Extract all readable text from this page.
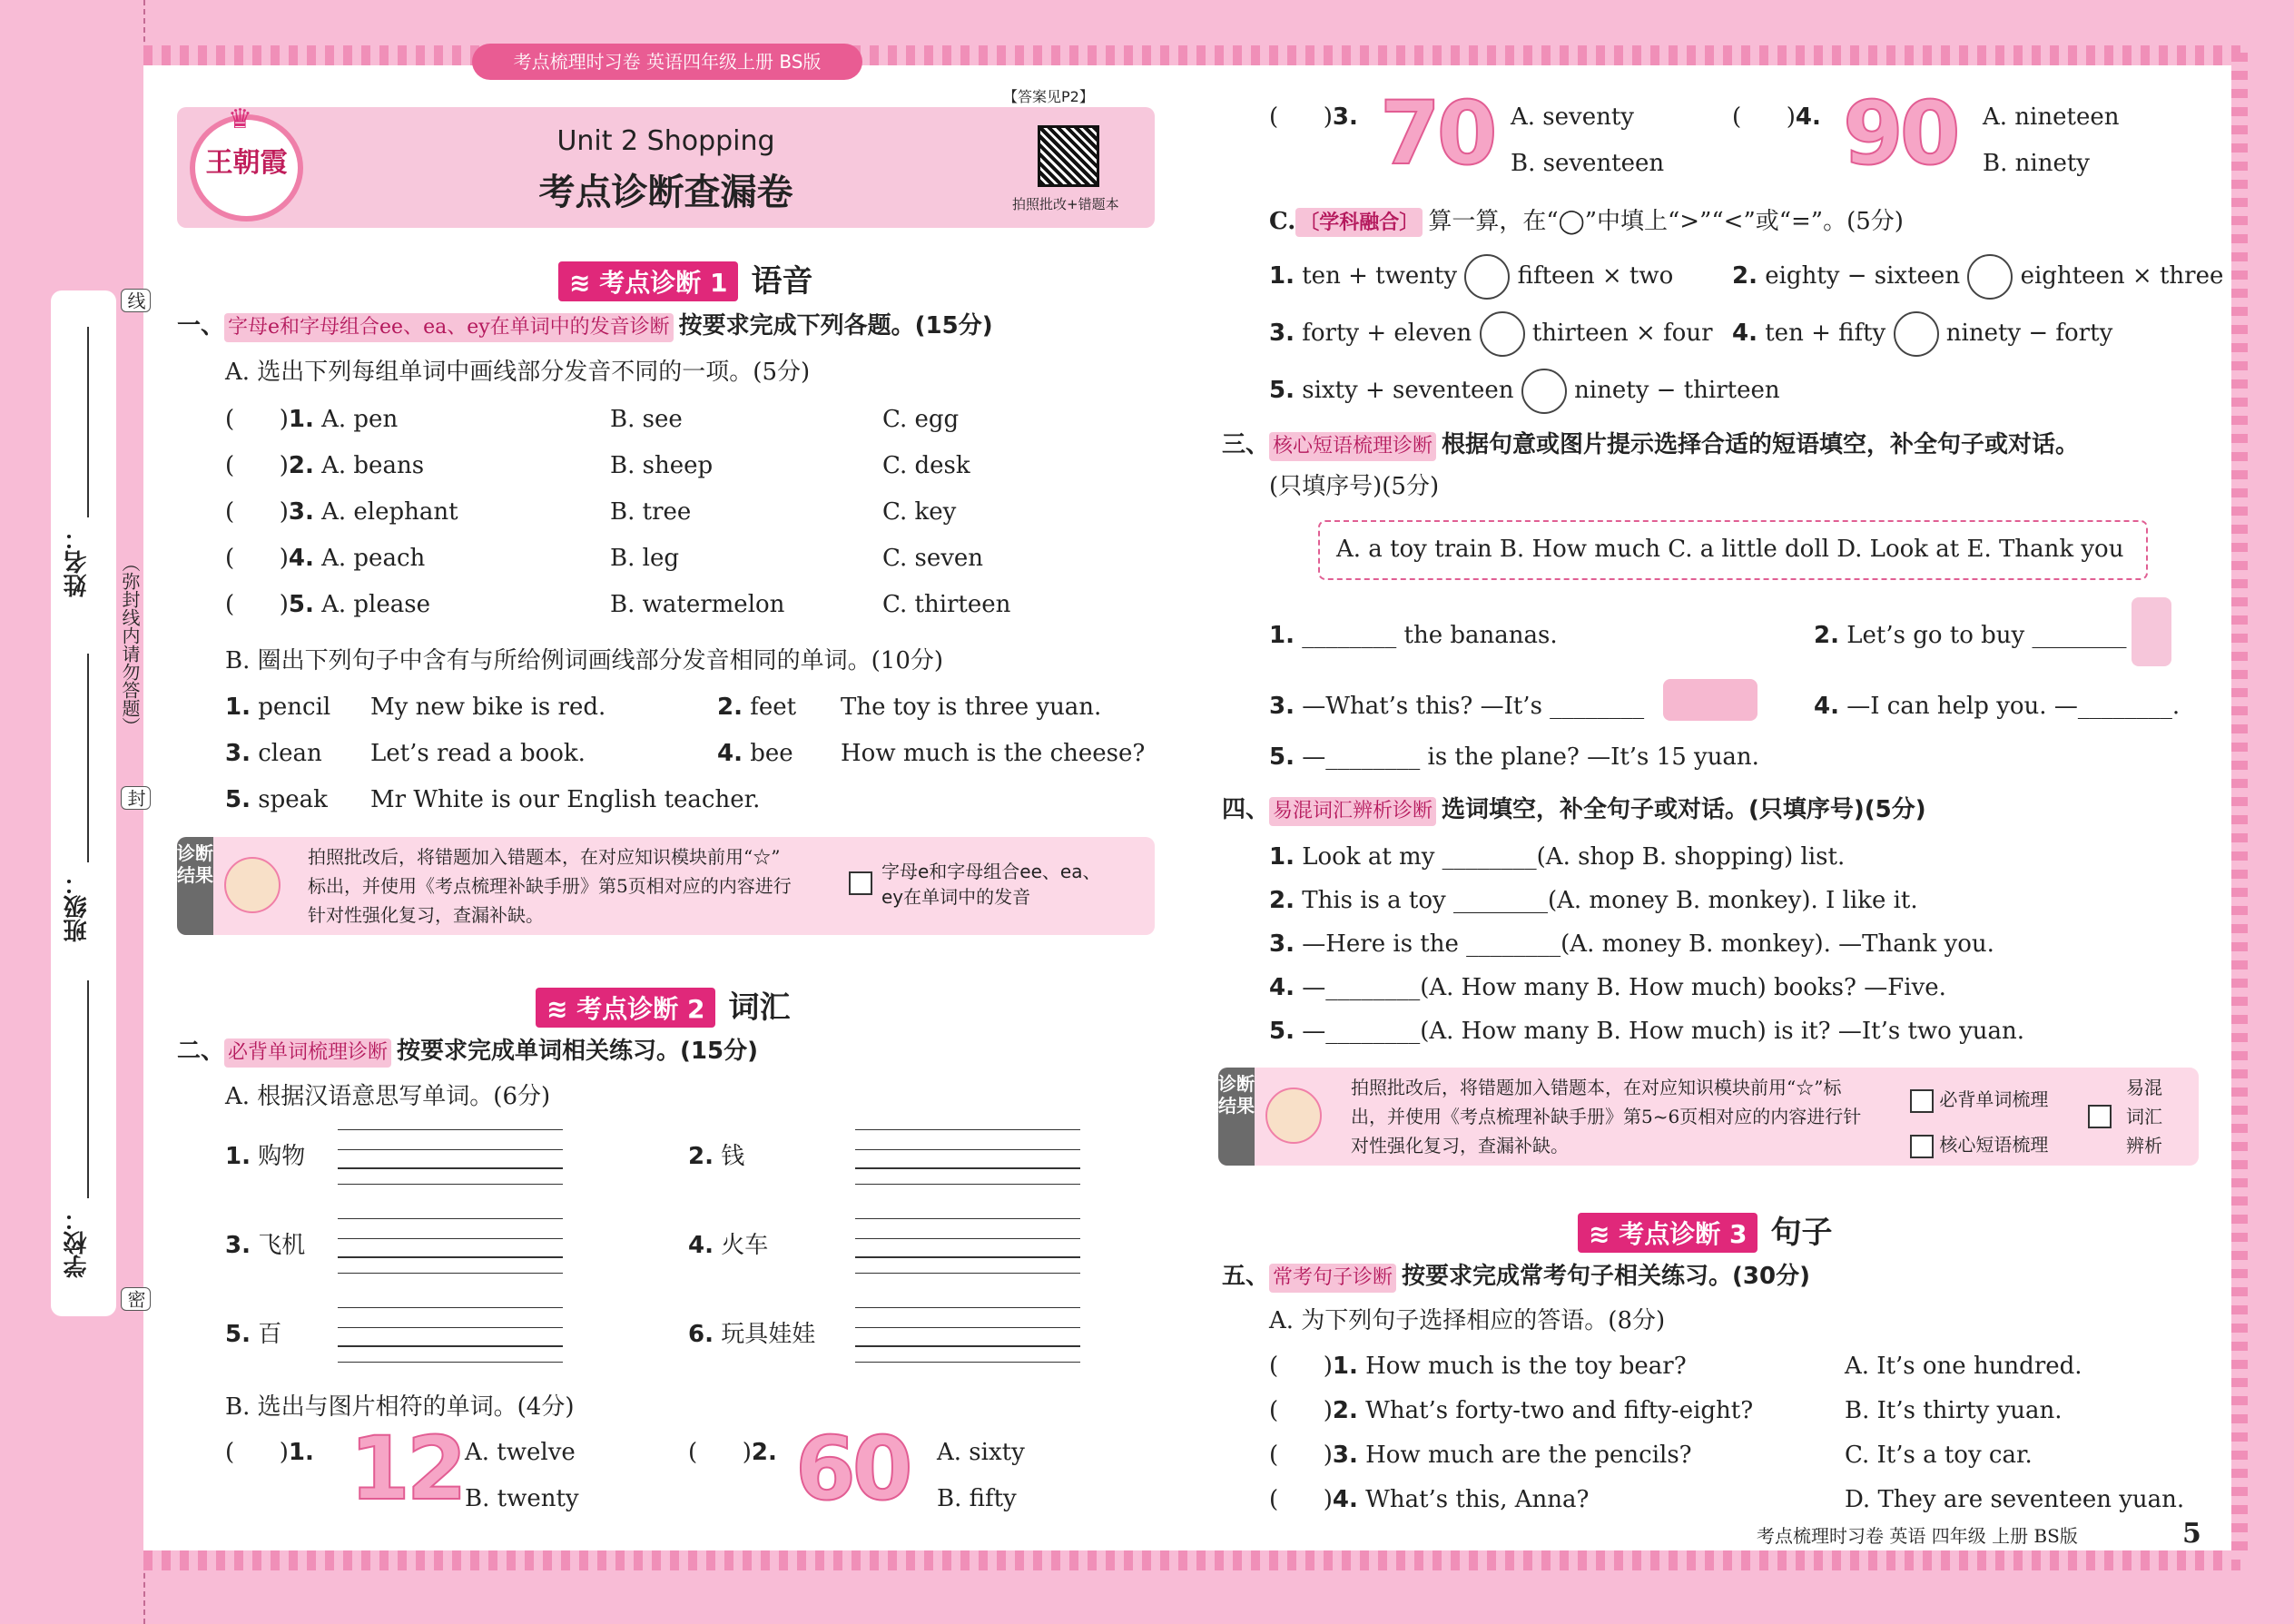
学校：
班级：
姓名：
线
封
密
（弥封线内请勿答题）
考点梳理时习卷 英语四年级上册 BS版
♛
王朝霞
Unit 2 Shopping
考点诊断查漏卷
【答案见P2】
拍照批改+错题本
≋ 考点诊断 1 语音
一、 字母e和字母组合ee、ea、ey在单词中的发音诊断 按要求完成下列各题。(15分)
A. 选出下列每组单词中画线部分发音不同的一项。(5分)
(      )1. A. pen	B. see	C. egg
(      )2. A. beans	B. sheep	C. desk
(      )3. A. elephant	B. tree	C. key
(      )4. A. peach	B. leg	C. seven
(      )5. A. please	B. watermelon	C. thirteen
B. 圈出下列句子中含有与所给例词画线部分发音相同的单词。(10分)
1. pencil My new bike is red.	2. feet The toy is three yuan.
3. clean Let’s read a book.	4. bee How much is the cheese?
5. speak Mr White is our English teacher.
诊断结果
拍照批改后，将错题加入错题本，在对应知识模块前用“☆”
标出，并使用《考点梳理补缺手册》第5页相对应的内容进行
针对性强化复习，查漏补缺。
字母e和字母组合ee、ea、
ey在单词中的发音
≋ 考点诊断 2 词汇
二、 必背单词梳理诊断 按要求完成单词相关练习。(15分)
A. 根据汉语意思写单词。(6分)
1. 购物	2. 钱
3. 飞机	4. 火车
5. 百	6. 玩具娃娃
B. 选出与图片相符的单词。(4分)
(      )1. 12 A. twelve
B. twenty
(      )2. 60 A. sixty
B. fifty
(      )3. 70 A. seventy
B. seventeen
(      )4. 90 A. nineteen
B. ninety
C. 〔学科融合〕 算一算，在“◯”中填上“>”“<”或“=”。(5分)
1. ten + twenty	fifteen × two 2. eighty − sixteen	eighteen × three
3. forty + eleven	thirteen × four 4. ten + fifty	ninety − forty
5. sixty + seventeen	ninety − thirteen
三、 核心短语梳理诊断 根据句意或图片提示选择合适的短语填空，补全句子或对话。
(只填序号)(5分)
A. a toy train B. How much C. a little doll D. Look at E. Thank you
1. ________ the bananas.	2. Let’s go to buy ________
3. —What’s this? —It’s ________	4. —I can help you. —________.
5. —________ is the plane? —It’s 15 yuan.
四、 易混词汇辨析诊断 选词填空，补全句子或对话。(只填序号)(5分)
1. Look at my ________(A. shop B. shopping) list.
2. This is a toy ________(A. money B. monkey). I like it.
3. —Here is the ________(A. money B. monkey). —Thank you.
4. —________(A. How many B. How much) books? —Five.
5. —________(A. How many B. How much) is it? —It’s two yuan.
诊断结果
拍照批改后，将错题加入错题本，在对应知识模块前用“☆”标
出，并使用《考点梳理补缺手册》第5~6页相对应的内容进行针
对性强化复习，查漏补缺。
必背单词梳理
核心短语梳理
易混
词汇
辨析
≋ 考点诊断 3 句子
五、 常考句子诊断 按要求完成常考句子相关练习。(30分)
A. 为下列句子选择相应的答语。(8分)
(      )1. How much is the toy bear?	A. It’s one hundred.
(      )2. What’s forty-two and fifty-eight?	B. It’s thirty yuan.
(      )3. How much are the pencils?	C. It’s a toy car.
(      )4. What’s this, Anna?	D. They are seventeen yuan.
考点梳理时习卷 英语 四年级 上册 BS版	5
